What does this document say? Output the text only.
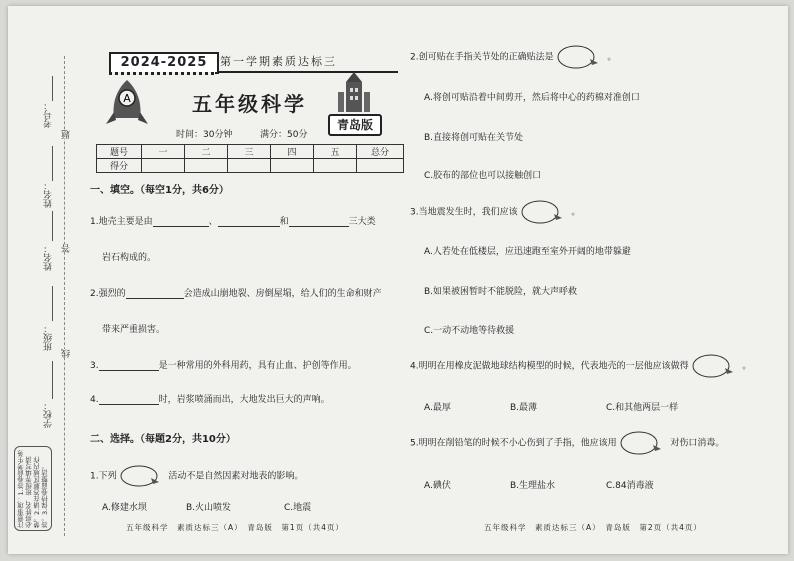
考号：
姓名：
姓名：
班级：
学校：
题
答
线
注意事项：1.答卷前考生务必将姓名、班级等填写清楚。2.请在答题区域内作答。3.保持卷面整洁。
2024-2025	第一学期素质达标三
A	五年级科学
青岛版
时间：30分钟	满分：50分
题号	一	二	三	四	五	总分
得分						
一、填空。（每空1分，共6分）
1.地壳主要是由	、	和	三大类
岩石构成的。
2.强烈的	会造成山崩地裂、房倒屋塌，给人们的生命和财产
带来严重损害。
3.	是一种常用的外科用药，具有止血、护创等作用。
4.	时，岩浆喷涌而出，大地发出巨大的声响。
二、选择。（每题2分，共10分）
1.下列	活动不是自然因素对地表的影响。
A.修建水坝	B.火山喷发	C.地震
五年级科学　素质达标三（A）　青岛版　第1页（共4页）
2.创可贴在手指关节处的正确贴法是	。
A.将创可贴沿着中间剪开，然后将中心的药棉对准创口
B.直接将创可贴在关节处
C.胶布的部位也可以接触创口
3.当地震发生时，我们应该	。
A.人若处在低楼层，应迅速跑至室外开阔的地带躲避
B.如果被困暂时不能脱险，就大声呼救
C.一动不动地等待救援
4.明明在用橡皮泥做地球结构模型的时候，代表地壳的一层他应该做得	。
A.最厚	B.最薄	C.和其他两层一样
5.明明在削铅笔的时候不小心伤到了手指，他应该用	对伤口消毒。
A.碘伏	B.生理盐水	C.84消毒液
五年级科学　素质达标三（A）　青岛版　第2页（共4页）
